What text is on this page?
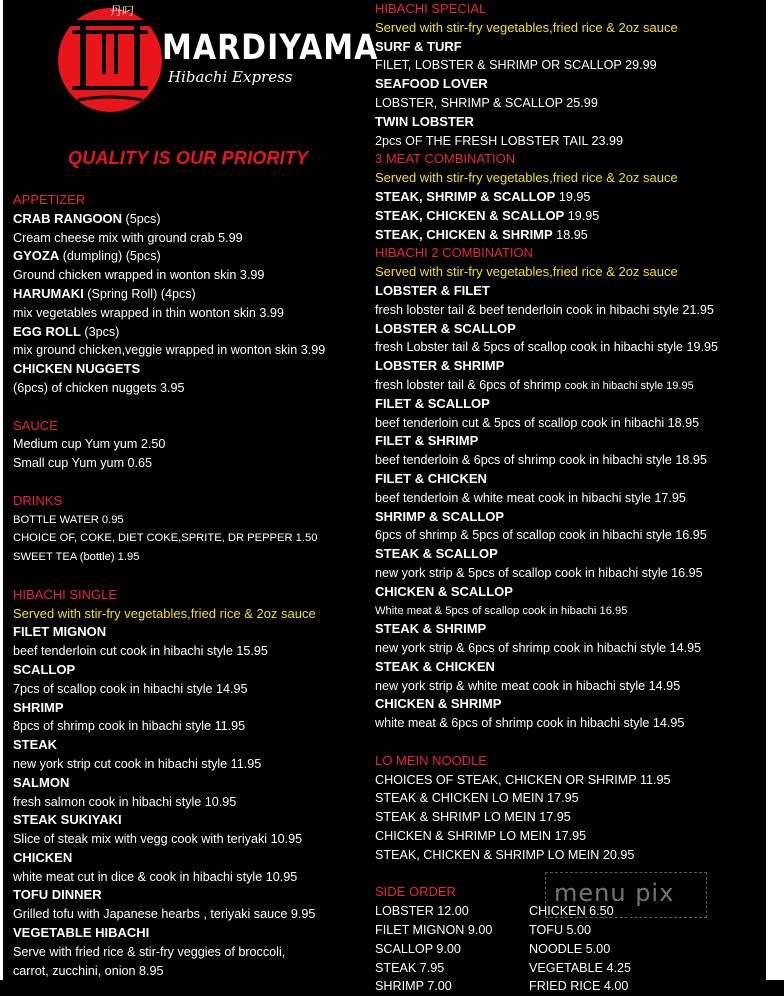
丹叼
MARDIYAMA
Hibachi Express
QUALITY IS OUR PRIORITY
APPETIZER
CRAB RANGOON (5pcs)
Cream cheese mix with ground crab 5.99
GYOZA (dumpling) (5pcs)
Ground chicken wrapped in wonton skin 3.99
HARUMAKI (Spring Roll) (4pcs)
mix vegetables wrapped in thin wonton skin 3.99
EGG ROLL (3pcs)
mix ground chicken,veggie wrapped in wonton skin 3.99
CHICKEN NUGGETS
(6pcs) of chicken nuggets 3.95
SAUCE
Medium cup Yum yum 2.50
Small cup Yum yum 0.65
DRINKS
BOTTLE WATER 0.95
CHOICE OF, COKE, DIET COKE,SPRITE, DR PEPPER 1.50
SWEET TEA (bottle) 1.95
HIBACHI SINGLE
Served with stir-fry vegetables,fried rice & 2oz sauce
FILET MIGNON
beef tenderloin cut cook in hibachi style 15.95
SCALLOP
7pcs of scallop cook in hibachi style 14.95
SHRIMP
8pcs of shrimp cook in hibachi style 11.95
STEAK
new york strip cut cook in hibachi style 11.95
SALMON
fresh salmon cook in hibachi style 10.95
STEAK SUKIYAKI
Slice of steak mix with vegg cook with teriyaki 10.95
CHICKEN
white meat cut in dice & cook in hibachi style 10.95
TOFU DINNER
Grilled tofu with Japanese hearbs , teriyaki sauce 9.95
VEGETABLE HIBACHI
Serve with fried rice & stir-fry veggies of broccoli,
carrot, zucchini, onion 8.95
HIBACHI SPECIAL
Served with stir-fry vegetables,fried rice & 2oz sauce
SURF & TURF
FILET, LOBSTER & SHRIMP OR SCALLOP 29.99
SEAFOOD LOVER
LOBSTER, SHRIMP & SCALLOP 25.99
TWIN LOBSTER
2pcs OF THE FRESH LOBSTER TAIL 23.99
3 MEAT COMBINATION
Served with stir-fry vegetables,fried rice & 2oz sauce
STEAK, SHRIMP & SCALLOP 19.95
STEAK, CHICKEN & SCALLOP 19.95
STEAK, CHICKEN & SHRIMP 18.95
HIBACHI 2 COMBINATION
Served with stir-fry vegetables,fried rice & 2oz sauce
LOBSTER & FILET
fresh lobster tail & beef tenderloin cook in hibachi style 21.95
LOBSTER & SCALLOP
fresh Lobster tail & 5pcs of scallop cook in hibachi style 19.95
LOBSTER & SHRIMP
fresh lobster tail & 6pcs of shrimp cook in hibachi style 19.95
FILET & SCALLOP
beef tenderloin cut & 5pcs of scallop cook in hibachi 18.95
FILET & SHRIMP
beef tenderloin & 6pcs of shrimp cook in hibachi style 18.95
FILET & CHICKEN
beef tenderloin & white meat cook in hibachi style 17.95
SHRIMP & SCALLOP
6pcs of shrimp & 5pcs of scallop cook in hibachi style 16.95
STEAK & SCALLOP
new york strip & 5pcs of scallop cook in hibachi style 16.95
CHICKEN & SCALLOP
White meat & 5pcs of scallop cook in hibachi 16.95
STEAK & SHRIMP
new york strip & 6pcs of shrimp cook in hibachi style 14.95
STEAK & CHICKEN
new york strip & white meat cook in hibachi style 14.95
CHICKEN & SHRIMP
white meat & 6pcs of shrimp cook in hibachi style 14.95
LO MEIN NOODLE
CHOICES OF STEAK, CHICKEN OR SHRIMP 11.95
STEAK & CHICKEN LO MEIN 17.95
STEAK & SHRIMP LO MEIN 17.95
CHICKEN & SHRIMP LO MEIN 17.95
STEAK, CHICKEN & SHRIMP LO MEIN 20.95
SIDE ORDER
LOBSTER 12.00	CHICKEN 6.50
FILET MIGNON 9.00	TOFU 5.00
SCALLOP 9.00	NOODLE 5.00
STEAK 7.95	VEGETABLE 4.25
SHRIMP 7.00	FRIED RICE 4.00
menu pix
